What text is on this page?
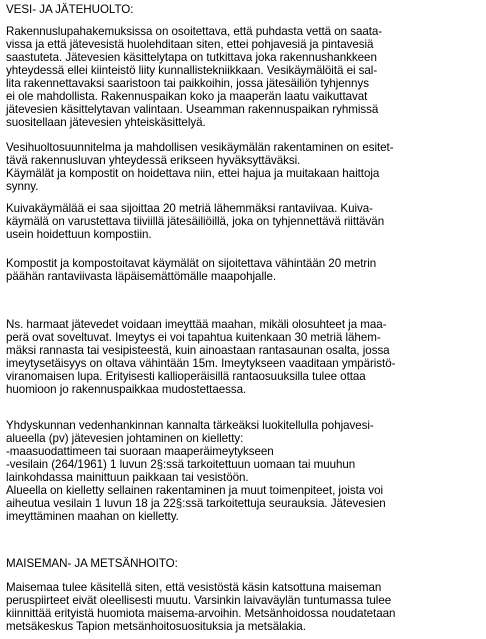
VESI- JA JÄTEHUOLTO:
Rakennuslupahakemuksissa on osoitettava, että puhdasta vettä on saata-
vissa ja että jätevesistä huolehditaan siten, ettei pohjavesiä ja pintavesiä
saastuteta. Jätevesien käsittelytapa on tutkittava joka rakennushankkeen
yhteydessä ellei kiinteistö liity kunnallistekniikkaan. Vesikäymälöitä ei sal-
lita rakennettavaksi saaristoon tai paikkoihin, jossa jätesäiliön tyhjennys
ei ole mahdollista. Rakennuspaikan koko ja maaperän laatu vaikuttavat
jätevesien käsittelytavan valintaan. Useamman rakennuspaikan ryhmissä
suositellaan jätevesien yhteiskäsittelyä.
Vesihuoltosuunnitelma ja mahdollisen vesikäymälän rakentaminen on esitet-
tävä rakennusluvan yhteydessä erikseen hyväksyttäväksi.
Käymälät ja kompostit on hoidettava niin, ettei hajua ja muitakaan haittoja
synny.
Kuivakäymälää ei saa sijoittaa 20 metriä lähemmäksi rantaviivaa. Kuiva-
käymälä on varustettava tiiviillä jätesäiliöillä, joka on tyhjennettävä riittävän
usein hoidettuun kompostiin.
Kompostit ja kompostoitavat käymälät on sijoitettava vähintään 20 metrin
päähän rantaviivasta läpäisemättömälle maapohjalle.
Ns. harmaat jätevedet voidaan imeyttää maahan, mikäli olosuhteet ja maa-
perä ovat soveltuvat. Imeytys ei voi tapahtua kuitenkaan 30 metriä lähem-
mäksi rannasta tai vesipisteestä, kuin ainoastaan rantasaunan osalta, jossa
imeytysetäisyys on oltava vähintään 15m. Imeytykseen vaaditaan ympäristö-
viranomaisen lupa. Erityisesti kallioperäisillä rantaosuuksilla tulee ottaa
huomioon jo rakennuspaikkaa mudostettaessa.
Yhdyskunnan vedenhankinnan kannalta tärkeäksi luokitellulla pohjavesi-
alueella (pv) jätevesien johtaminen on kielletty:
-maasuodattimeen tai suoraan maaperäimeytykseen
-vesilain (264/1961) 1 luvun 2§:ssä tarkoitettuun uomaan tai muuhun
lainkohdassa mainittuun paikkaan tai vesistöön.
Alueella on kielletty sellainen rakentaminen ja muut toimenpiteet, joista voi
aiheutua vesilain 1 luvun 18 ja 22§:ssä tarkoitettuja seurauksia. Jätevesien
imeyttäminen maahan on kielletty.
MAISEMAN- JA METSÄNHOITO:
Maisemaa tulee käsitellä siten, että vesistöstä käsin katsottuna maiseman
peruspiirteet eivät oleellisesti muutu. Varsinkin laivaväylän tuntumassa tulee
kiinnittää erityistä huomiota maisema-arvoihin. Metsänhoidossa noudatetaan
metsäkeskus Tapion metsänhoitosuosituksia ja metsälakia.
